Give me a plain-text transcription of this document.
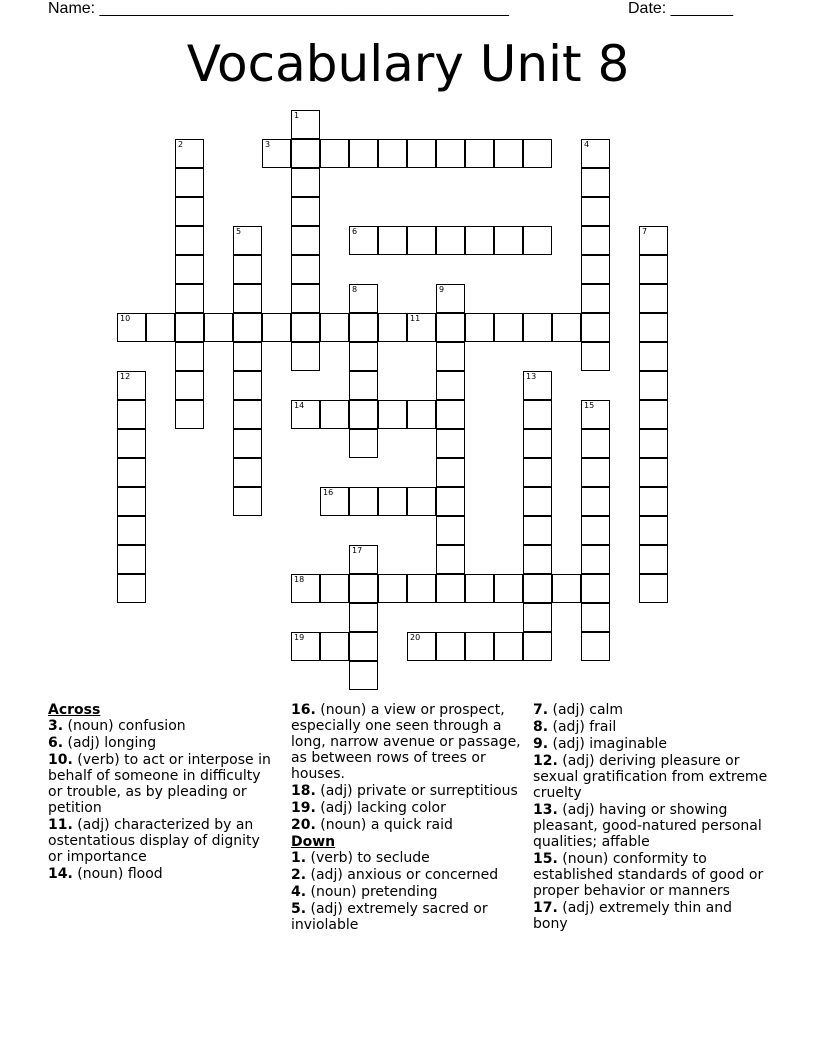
Name: ______________________________________________	Date: _______
Vocabulary Unit 8
1
2	3	4
5	6	7
8	9
10	11
12	13
14	15
16
17
18
19	20
Across
3. (noun) confusion
6. (adj) longing
10. (verb) to act or interpose in behalf of someone in difficulty or trouble, as by pleading or petition
11. (adj) characterized by an ostentatious display of dignity or importance
14. (noun) flood
16. (noun) a view or prospect, especially one seen through a long, narrow avenue or passage, as between rows of trees or houses.
18. (adj) private or surreptitious
19. (adj) lacking color
20. (noun) a quick raid
Down
1. (verb) to seclude
2. (adj) anxious or concerned
4. (noun) pretending
5. (adj) extremely sacred or inviolable
7. (adj) calm
8. (adj) frail
9. (adj) imaginable
12. (adj) deriving pleasure or sexual gratification from extreme cruelty
13. (adj) having or showing pleasant, good-natured personal qualities; affable
15. (noun) conformity to established standards of good or proper behavior or manners
17. (adj) extremely thin and bony
